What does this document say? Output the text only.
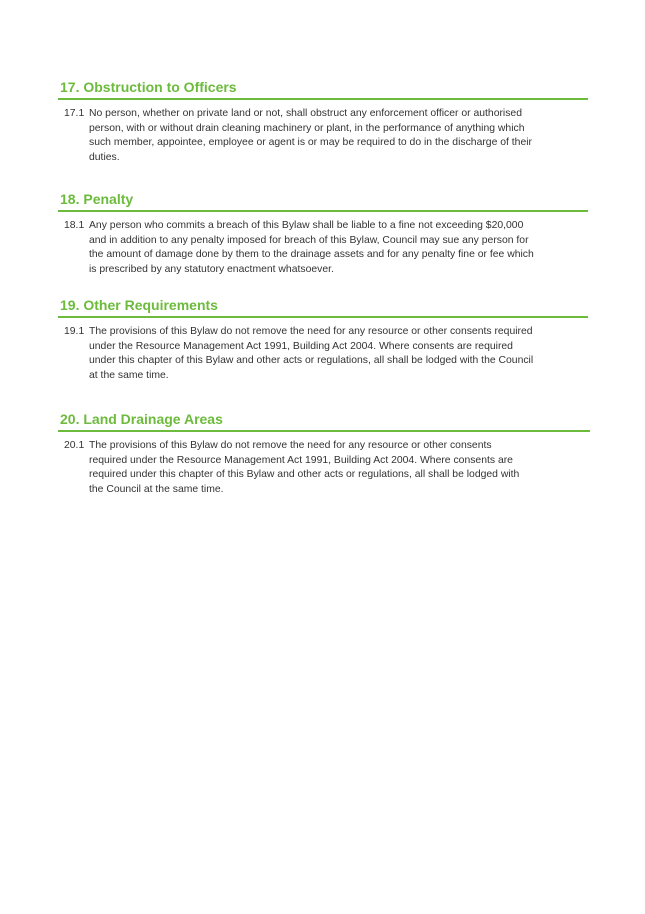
17. Obstruction to Officers
17.1 No person, whether on private land or not, shall obstruct any enforcement officer or authorised
person, with or without drain cleaning machinery or plant, in the performance of anything which
such member, appointee, employee or agent is or may be required to do in the discharge of their
duties.
18. Penalty
18.1 Any person who commits a breach of this Bylaw shall be liable to a fine not exceeding $20,000
and in addition to any penalty imposed for breach of this Bylaw, Council may sue any person for
the amount of damage done by them to the drainage assets and for any penalty fine or fee which
is prescribed by any statutory enactment whatsoever.
19. Other Requirements
19.1 The provisions of this Bylaw do not remove the need for any resource or other consents required
under the Resource Management Act 1991, Building Act 2004. Where consents are required
under this chapter of this Bylaw and other acts or regulations, all shall be lodged with the Council
at the same time.
20. Land Drainage Areas
20.1 The provisions of this Bylaw do not remove the need for any resource or other consents
required under the Resource Management Act 1991, Building Act 2004. Where consents are
required under this chapter of this Bylaw and other acts or regulations, all shall be lodged with
the Council at the same time.
